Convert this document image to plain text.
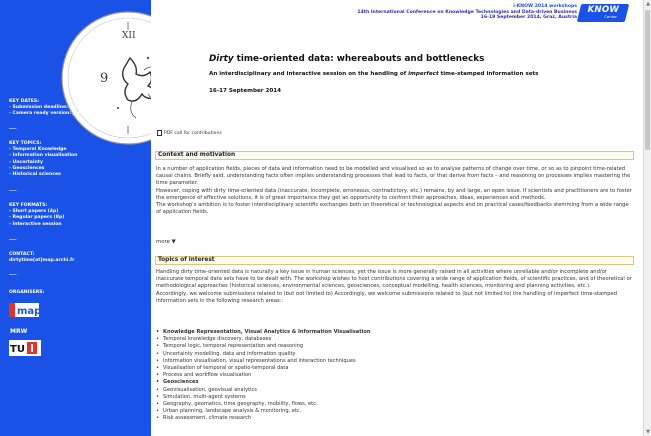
XII
9
KEY DATES:
- Submission deadline: April 27, 2014
- Camera ready version: June 5, 2014
___
KEY TOPICS:
- Temporal Knowledge
- Information visualisation
- Uncertainty
- Geosciences
- Historical sciences
___
KEY FORMATS:
- Short papers (4p)
- Regular papers (8p)
- Interactive session
___
CONTACT:
dirtytime[at]map.archi.fr
___
ORGANISERS:
map
MRW
TU
i-KNOW 2014 workshops
14th International Conference on Knowledge Technologies and Data-driven Business
16-19 September 2014, Graz, Austria
KNOW
Center
Dirty time-oriented data: whereabouts and bottlenecks
An interdisciplinary and interactive session on the handling of imperfect time-stamped information sets
16-17 September 2014
PDF call for contributions
Context and motivation
In a number of application fields, pieces of data and information need to be modelled and visualised so as to analyse patterns of change over time, or so as to pinpoint time-related causal chains. Briefly said, understanding facts often implies understanding processes that lead to facts, or that derive from facts – and reasoning on processes implies mastering the time parameter.
However, coping with dirty time-oriented data (inaccurate, incomplete, erroneous, contradictory, etc.) remains, by and large, an open issue. If scientists and practitioners are to foster the emergence of effective solutions, it is of great importance they get an opportunity to confront their approaches, ideas, experiences and methods.
The workshop's ambition is to foster interdisciplinary scientific exchanges both on theoretical or technological aspects and on practical cases/feedbacks stemming from a wide range of application fields.
more ▼
Topics of interest
Handling dirty time-oriented data is naturally a key issue in human sciences, yet the issue is more generally raised in all activities where unreliable and/or incomplete and/or inaccurate temporal data sets have to be dealt with. The workshop wishes to host contributions covering a wide range of application fields, of scientific practices, and of theoretical or methodological approaches (historical sciences, environmental sciences, geosciences, conceptual modelling, health sciences, monitoring and planning activities, etc.).
Accordingly, we welcome submissions related to (but not limited to) Accordingly, we welcome submissions related to (but not limited to) the handling of imperfect time-stamped information sets in the following research areas::
• Knowledge Representation, Visual Analytics & Information Visualisation
• Temporal knowledge discovery, databases
• Temporal logic, temporal representation and reasoning
• Uncertainty modelling, data and information quality
• Information visualisation, visual representations and interaction techniques
• Visualisation of temporal or spatio-temporal data
• Process and workflow visualisation
• Geosciences
• Geovisualisation, geovisual analytics
• Simulation, multi-agent systems
• Geography, geomatics, time geography, mobility, flows, etc.
• Urban planning, landscape analysis & monitoring, etc.
• Risk assessment, climate research
▲
▼
